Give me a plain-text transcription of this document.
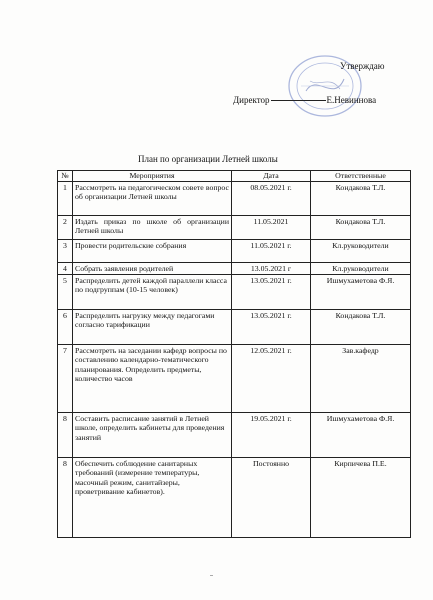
Утверждаю
Директор	Е.Невиннова
План по организации Летней школы
№	Мероприятия	Дата	Ответственные
1	Рассмотреть на педагогическом совете вопрос об организации Летней школы	08.05.2021 г.	Кондакова Т.Л.
2	Издать приказ по школе об организации Летней школы	11.05.2021	Кондакова Т.Л.
3	Провести родительские собрания	11.05.2021 г.	Кл.руководители
4	Собрать заявления родителей	13.05.2021 г	Кл.руководители
5	Распределить детей каждой параллели класса по подгруппам (10-15 человек)	13.05.2021 г.	Ишмухаметова Ф.Я.
6	Распределить нагрузку между педагогами согласно тарификации	13.05.2021 г.	Кондакова Т.Л.
7	Рассмотреть на заседании кафедр вопросы по составлению календарно-тематического планирования. Определить предметы, количество часов	12.05.2021 г.	Зав.кафедр
8	Составить расписание занятий в Летней школе, определить кабинеты для проведения занятий	19.05.2021 г.	Ишмухаметова Ф.Я.
8	Обеспечить соблюдение санитарных требований (измерение температуры, масочный режим, санитайзеры, проветривание кабинетов).	Постоянно	Кирпичева П.Е.
